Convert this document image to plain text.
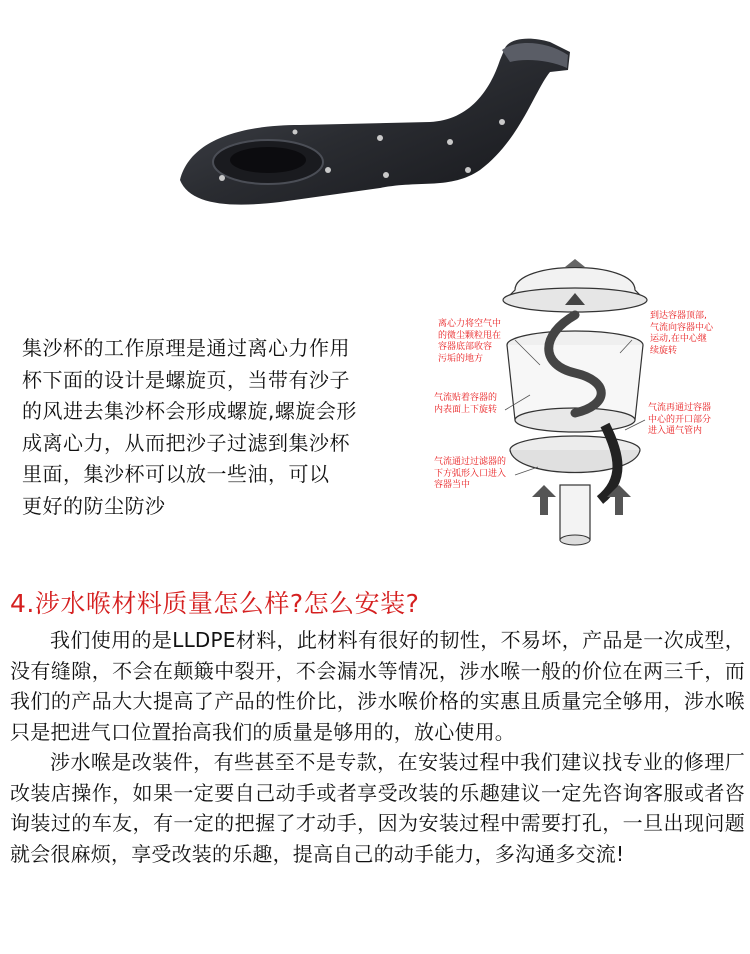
集沙杯的工作原理是通过离心力作用
杯下面的设计是螺旋页，当带有沙子
的风进去集沙杯会形成螺旋,螺旋会形
成离心力，从而把沙子过滤到集沙杯
里面，集沙杯可以放一些油，可以
更好的防尘防沙
离心力将空气中
的微尘颗粒甩在
容器底部收容
污垢的地方
到达容器顶部,
气流向容器中心
运动,在中心继
续旋转
气流贴着容器的
内表面上下旋转	气流再通过容器
中心的开口部分
进入通气管内
气流通过过滤器的
下方弧形入口进入
容器当中
4.涉水喉材料质量怎么样?怎么安装?

我们使用的是LLDPE材料，此材料有很好的韧性，不易坏，产品是一次成型，没有缝隙，不会在颠簸中裂开，不会漏水等情况，涉水喉一般的价位在两三千，而我们的产品大大提高了产品的性价比，涉水喉价格的实惠且质量完全够用，涉水喉只是把进气口位置抬高我们的质量是够用的，放心使用。

涉水喉是改装件，有些甚至不是专款，在安装过程中我们建议找专业的修理厂改装店操作，如果一定要自己动手或者享受改装的乐趣建议一定先咨询客服或者咨询装过的车友，有一定的把握了才动手，因为安装过程中需要打孔，一旦出现问题就会很麻烦，享受改装的乐趣，提高自己的动手能力，多沟通多交流!
